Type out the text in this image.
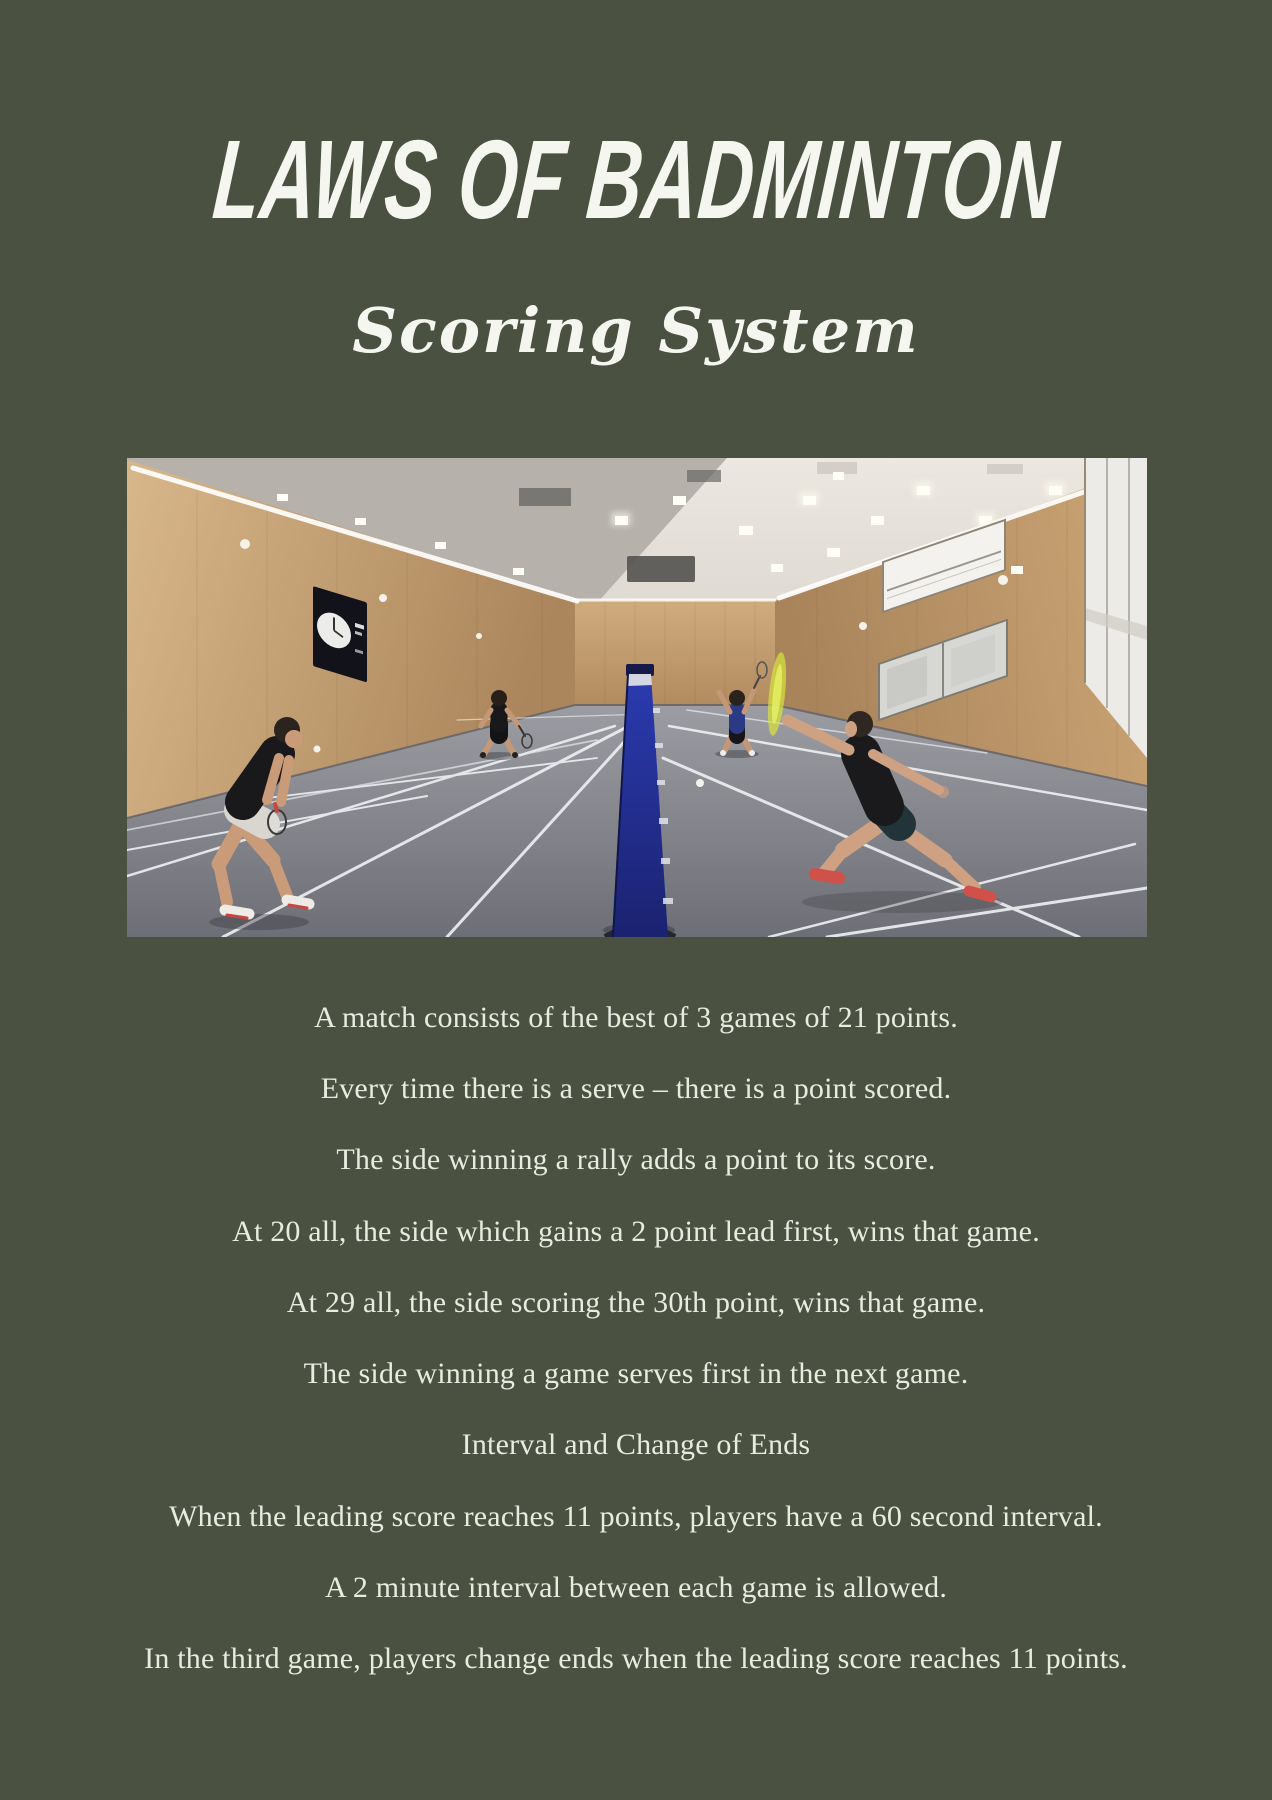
LAWS OF BADMINTON
Scoring System

A match consists of the best of 3 games of 21 points.

Every time there is a serve – there is a point scored.

The side winning a rally adds a point to its score.

At 20 all, the side which gains a 2 point lead first, wins that game.

At 29 all, the side scoring the 30th point, wins that game.

The side winning a game serves first in the next game.

Interval and Change of Ends

When the leading score reaches 11 points, players have a 60 second interval.

A 2 minute interval between each game is allowed.

In the third game, players change ends when the leading score reaches 11 points.
